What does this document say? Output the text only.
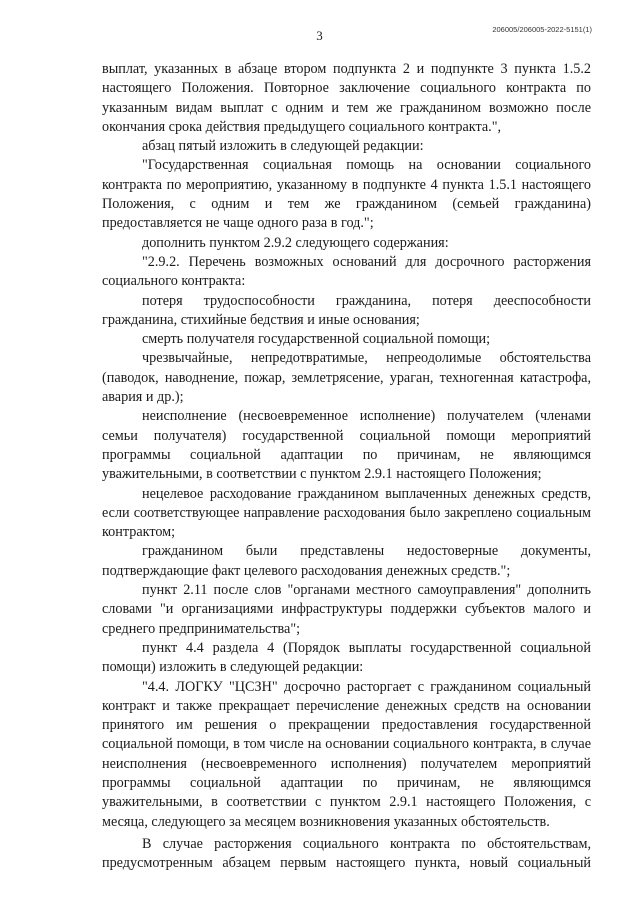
3	206005/206005-2022-5151(1)

выплат, указанных в абзаце втором подпункта 2 и подпункте 3 пункта 1.5.2 настоящего Положения. Повторное заключение социального контракта по указанным видам выплат с одним и тем же гражданином возможно после окончания срока действия предыдущего социального контракта.",

абзац пятый изложить в следующей редакции:

"Государственная социальная помощь на основании социального контракта по мероприятию, указанному в подпункте 4 пункта 1.5.1 настоящего Положения, с одним и тем же гражданином (семьей гражданина) предоставляется не чаще одного раза в год.";

дополнить пунктом 2.9.2 следующего содержания:

"2.9.2. Перечень возможных оснований для досрочного расторжения социального контракта:

потеря трудоспособности гражданина, потеря дееспособности гражданина, стихийные бедствия и иные основания;

смерть получателя государственной социальной помощи;

чрезвычайные, непредотвратимые, непреодолимые обстоятельства (паводок, наводнение, пожар, землетрясение, ураган, техногенная катастрофа, авария и др.);

неисполнение (несвоевременное исполнение) получателем (членами семьи получателя) государственной социальной помощи мероприятий программы социальной адаптации по причинам, не являющимся уважительными, в соответствии с пунктом 2.9.1 настоящего Положения;

нецелевое расходование гражданином выплаченных денежных средств, если соответствующее направление расходования было закреплено социальным контрактом;

гражданином были представлены недостоверные документы, подтверждающие факт целевого расходования денежных средств.";

пункт 2.11 после слов "органами местного самоуправления" дополнить словами "и организациями инфраструктуры поддержки субъектов малого и среднего предпринимательства";

пункт 4.4 раздела 4 (Порядок выплаты государственной социальной помощи) изложить в следующей редакции:

"4.4. ЛОГКУ "ЦСЗН" досрочно расторгает с гражданином социальный контракт и также прекращает перечисление денежных средств на основании принятого им решения о прекращении предоставления государственной социальной помощи, в том числе на основании социального контракта, в случае неисполнения (несвоевременного исполнения) получателем мероприятий программы социальной адаптации по причинам, не являющимся уважительными, в соответствии с пунктом 2.9.1 настоящего Положения, с месяца, следующего за месяцем возникновения указанных обстоятельств.

В случае расторжения социального контракта по обстоятельствам, предусмотренным абзацем первым настоящего пункта, новый социальный
